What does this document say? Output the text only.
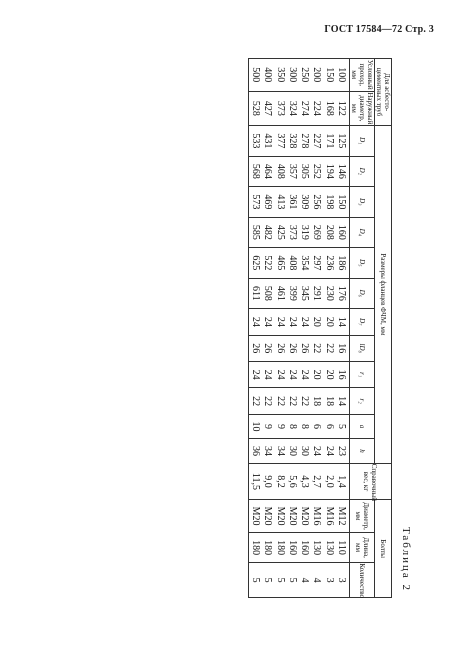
ГОСТ 17584—72 Стр. 3
Таблица 2
Для асбесто-цементных труб		Размеры фланцев ФЧМ, мм												Справочный вес, кг	Болты		
Условный проход, мм	Наружный диаметр, мм	D₁	D₂	D₃	D₄	D₅	D₆	D₇	lD₈	r₁	r₂	a	h		Диаметр, мм	Длина, мм	Количество
100	122	125	146	150	160	186	176	14	16	16	14	5	23	1,4	M12	110	3
150	168	171	194	198	208	236	230	20	22	20	18	6	24	2,0	M16	130	3
200	224	227	252	256	269	297	291	20	22	20	18	6	24	2,7	M16	130	4
250	274	278	305	309	319	354	345	24	26	24	22	8	30	4,3	M20	160	4
300	324	328	357	361	373	408	399	24	26	24	22	8	30	5,6	M20	160	5
350	373	377	408	413	425	465	461	24	26	24	22	9	34	8,2	M20	180	5
400	427	431	464	469	482	522	508	24	26	24	22	9	34	9,0	M20	180	5
500	528	533	568	573	585	625	611	24	26	24	22	10	36	11,5	M20	180	5
